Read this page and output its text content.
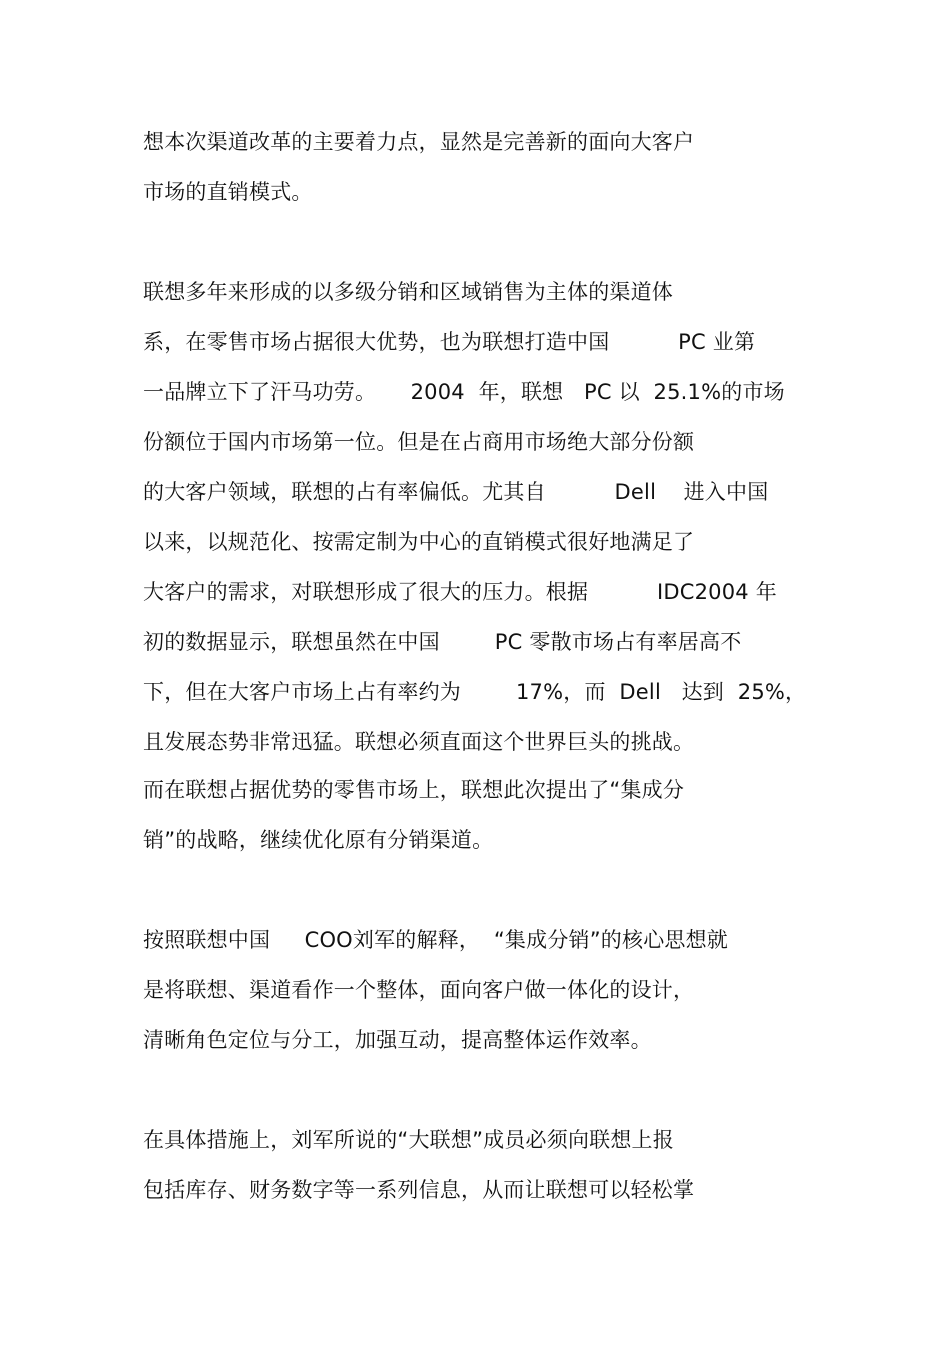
想本次渠道改革的主要着力点，显然是完善新的面向大客户
市场的直销模式。
联想多年来形成的以多级分销和区域销售为主体的渠道体
系，在零售市场占据很大优势，也为联想打造中国          PC 业第
一品牌立下了汗马功劳。     2004  年，联想   PC 以  25.1%的市场
份额位于国内市场第一位。但是在占商用市场绝大部分份额
的大客户领域，联想的占有率偏低。尤其自          Dell    进入中国
以来，以规范化、按需定制为中心的直销模式很好地满足了
大客户的需求，对联想形成了很大的压力。根据          IDC2004 年
初的数据显示，联想虽然在中国        PC 零散市场占有率居高不
下，但在大客户市场上占有率约为        17%，而  Dell   达到  25%，
且发展态势非常迅猛。联想必须直面这个世界巨头的挑战。
而在联想占据优势的零售市场上，联想此次提出了“集成分
销”的战略，继续优化原有分销渠道。
按照联想中国     COO刘军的解释，  “集成分销”的核心思想就
是将联想、渠道看作一个整体，面向客户做一体化的设计，
清晰角色定位与分工，加强互动，提高整体运作效率。
在具体措施上，刘军所说的“大联想”成员必须向联想上报
包括库存、财务数字等一系列信息，从而让联想可以轻松掌
